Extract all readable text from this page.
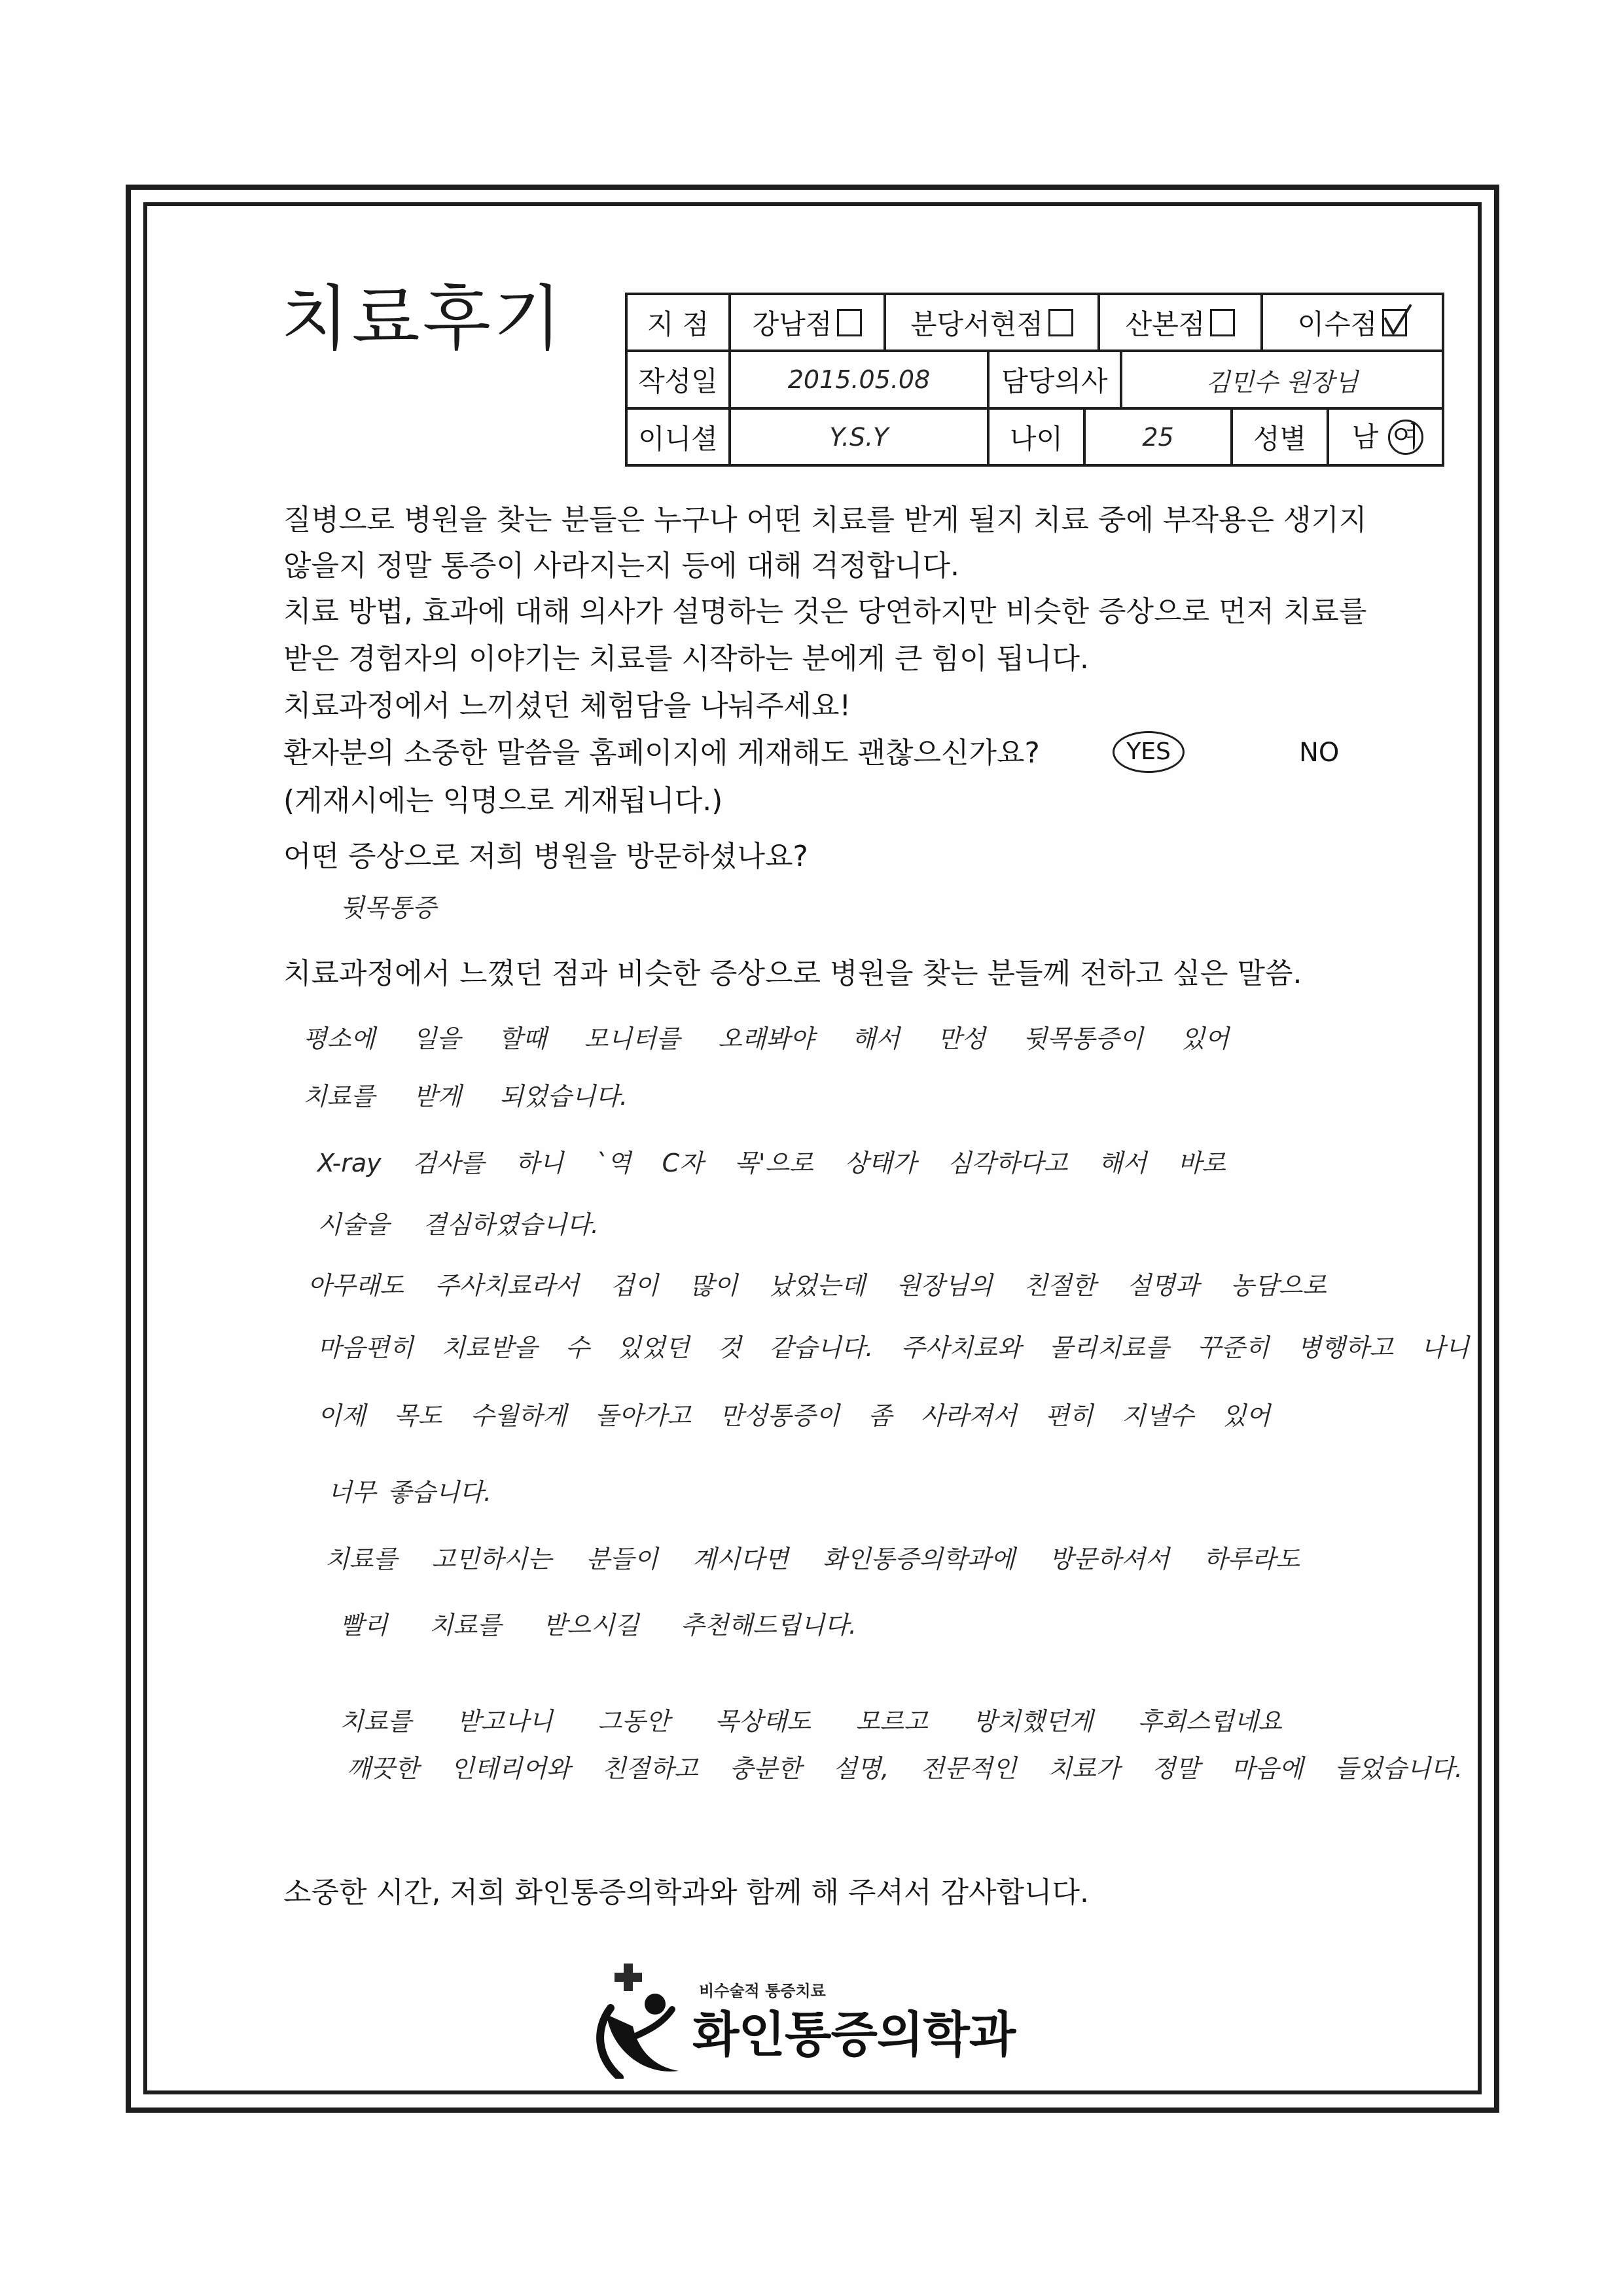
치료후기	지 점	강남점	분당서현점	산본점	이수점
작성일	2015.05.08	담당의사	김민수 원장님
이니셜	Y.S.Y	나이	25	성별	남 여
질병으로 병원을 찾는 분들은 누구나 어떤 치료를 받게 될지 치료 중에 부작용은 생기지
않을지 정말 통증이 사라지는지 등에 대해 걱정합니다.
치료 방법, 효과에 대해 의사가 설명하는 것은 당연하지만 비슷한 증상으로 먼저 치료를
받은 경험자의 이야기는 치료를 시작하는 분에게 큰 힘이 됩니다.
치료과정에서 느끼셨던 체험담을 나눠주세요!
환자분의 소중한 말씀을 홈페이지에 게재해도 괜찮으신가요?	YES	NO
(게재시에는 익명으로 게재됩니다.)
어떤 증상으로 저희 병원을 방문하셨나요?
뒷목통증
치료과정에서 느꼈던 점과 비슷한 증상으로 병원을 찾는 분들께 전하고 싶은 말씀.
평소에 일을 할때 모니터를 오래봐야 해서 만성 뒷목통증이 있어
치료를 받게 되었습니다.
X-ray 검사를 하니 `역 C자 목'으로 상태가 심각하다고 해서 바로
시술을 결심하였습니다.
아무래도 주사치료라서 겁이 많이 났었는데 원장님의 친절한 설명과 농담으로
마음편히 치료받을 수 있었던 것 같습니다. 주사치료와 물리치료를 꾸준히 병행하고 나니
이제 목도 수월하게 돌아가고 만성통증이 좀 사라져서 편히 지낼수 있어
너무 좋습니다.
치료를 고민하시는 분들이 계시다면 화인통증의학과에 방문하셔서 하루라도
빨리 치료를 받으시길 추천해드립니다.
치료를 받고나니 그동안 목상태도 모르고 방치했던게 후회스럽네요
깨끗한 인테리어와 친절하고 충분한 설명, 전문적인 치료가 정말 마음에 들었습니다.
소중한 시간, 저희 화인통증의학과와 함께 해 주셔서 감사합니다.
비수술적 통증치료
화인통증의학과
